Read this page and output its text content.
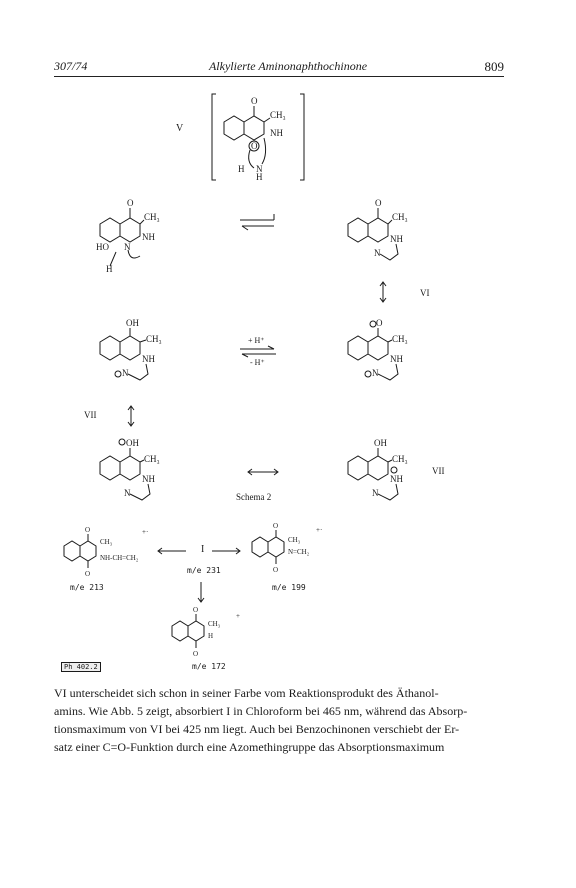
307/74	Alkylierte Aminonaphthochinone	809
V
O
CH₃
NH
O
H N
H
O
CH₃
NH
HO N
H
O
CH₃
NH
N
VI
OH
CH₃
NH
N
+ H⁺
- H⁺
O
CH₃
NH
N
VII
OH
CH₃
NH
N	Schema 2
OH
CH₃
NH
N
VII
O
CH₃
NH-CH=CH₂
O
+·
m/e 213
I
m/e 231
O
CH₃
N=CH₂
O
+·
m/e 199
O
CH₃
H
O
+
m/e 172
Ph 402.2

VI unterscheidet sich schon in seiner Farbe vom Reaktionsprodukt des Äthanol-

amins. Wie Abb. 5 zeigt, absorbiert I in Chloroform bei 465 nm, während das Absorp-

tionsmaximum von VI bei 425 nm liegt. Auch bei Benzochinonen verschiebt der Er-

satz einer C=O-Funktion durch eine Azomethingruppe das Absorptionsmaximum
